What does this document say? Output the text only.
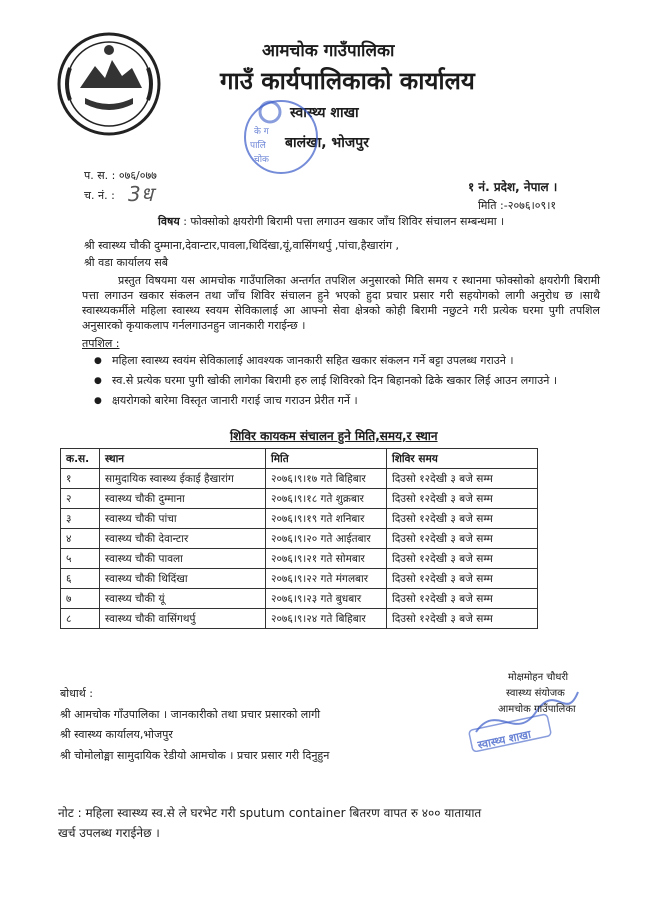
आमचोक गाउँपालिका
गाउँ कार्यपालिकाको कार्यालय
स्वास्थ्य शाखा
बालंखा, भोजपुर
के ग
पालि
चोक
प. स. : ०७६/०७७
च. नं. : 3ध	१ नं. प्रदेश, नेपाल ।
मिति :-२०७६।०९।१
विषय : फोक्सोको क्षयरोगी बिरामी पत्ता लगाउन खकार जाँच शिविर संचालन सम्बन्धमा ।
श्री स्वास्थ्य चौकी दुम्माना,देवान्टार,पावला,थिदिंखा,यूं,वासिंगथर्पु ,पांचा,हैखारांग ,
श्री वडा कार्यालय सबै
प्रस्तुत विषयमा यस आमचोक गाउँपालिका अन्तर्गत तपशिल अनुसारको मिति समय र स्थानमा फोक्सोको क्षयरोगी बिरामी पत्ता लगाउन खकार संकलन तथा जाँच शिविर संचालन हुने भएको हुदा प्रचार प्रसार गरी सहयोगको लागी अनुरोध छ ।साथै स्वास्थ्यकर्मीले महिला स्वास्थ्य स्वयम सेविकालाई आ आफ्नो सेवा क्षेत्रको कोही बिरामी नछुटने गरी प्रत्येक घरमा पुगी तपशिल अनुसारको कृयाकलाप गर्नलगाउनहुन जानकारी गराईन्छ ।
तपशिल :
● महिला स्वास्थ्य स्वयंम सेविकालाई आवश्यक जानकारी सहित खकार संकलन गर्ने बट्टा उपलब्ध गराउने ।
● स्व.से प्रत्येक घरमा पुगी खोकी लागेका बिरामी हरु लाई शिविरको दिन बिहानको ढिके खकार लिई आउन लगाउने ।
● क्षयरोगको बारेमा विस्तृत जानारी गराई जाच गराउन प्रेरीत गर्ने ।
शिविर कायकम संचालन हुने मिति,समय,र स्थान
क.स.	स्थान	मिति	शिविर समय
१	सामुदायिक स्वास्थ्य ईकाई हैखारांग	२०७६।९।१७ गते बिहिबार	दिउसो १२देखी ३ बजे सम्म
२	स्वास्थ्य चौकी दुम्माना	२०७६।९।१८ गते शुक्रबार	दिउसो १२देखी ३ बजे सम्म
३	स्वास्थ्य चौकी पांचा	२०७६।९।१९ गते शनिबार	दिउसो १२देखी ३ बजे सम्म
४	स्वास्थ्य चौकी देवान्टार	२०७६।९।२० गते आईतबार	दिउसो १२देखी ३ बजे सम्म
५	स्वास्थ्य चौकी पावला	२०७६।९।२१ गते सोमबार	दिउसो १२देखी ३ बजे सम्म
६	स्वास्थ्य चौकी थिदिंखा	२०७६।९।२२ गते मंगलबार	दिउसो १२देखी ३ बजे सम्म
७	स्वास्थ्य चौकी यूं	२०७६।९।२३ गते बुधबार	दिउसो १२देखी ३ बजे सम्म
८	स्वास्थ्य चौकी वासिंगथर्पु	२०७६।९।२४ गते बिहिबार	दिउसो १२देखी ३ बजे सम्म
स्वास्थ्य शाखा
मोक्षमोहन चौधरी
स्वास्थ्य संयोजक
आमचोक गाउँपालिका
बोधार्थ :
श्री आमचोक गाँउपालिका । जानकारीको तथा प्रचार प्रसारको लागी
श्री स्वास्थ्य कार्यालय,भोजपुर
श्री चोमोलोङ्मा सामुदायिक रेडीयो आमचोक । प्रचार प्रसार गरी दिनुहुन
नोट : महिला स्वास्थ्य स्व.से ले घरभेट गरी sputum container बितरण वापत रु ४०० यातायात
खर्च उपलब्ध गराईनेछ ।
